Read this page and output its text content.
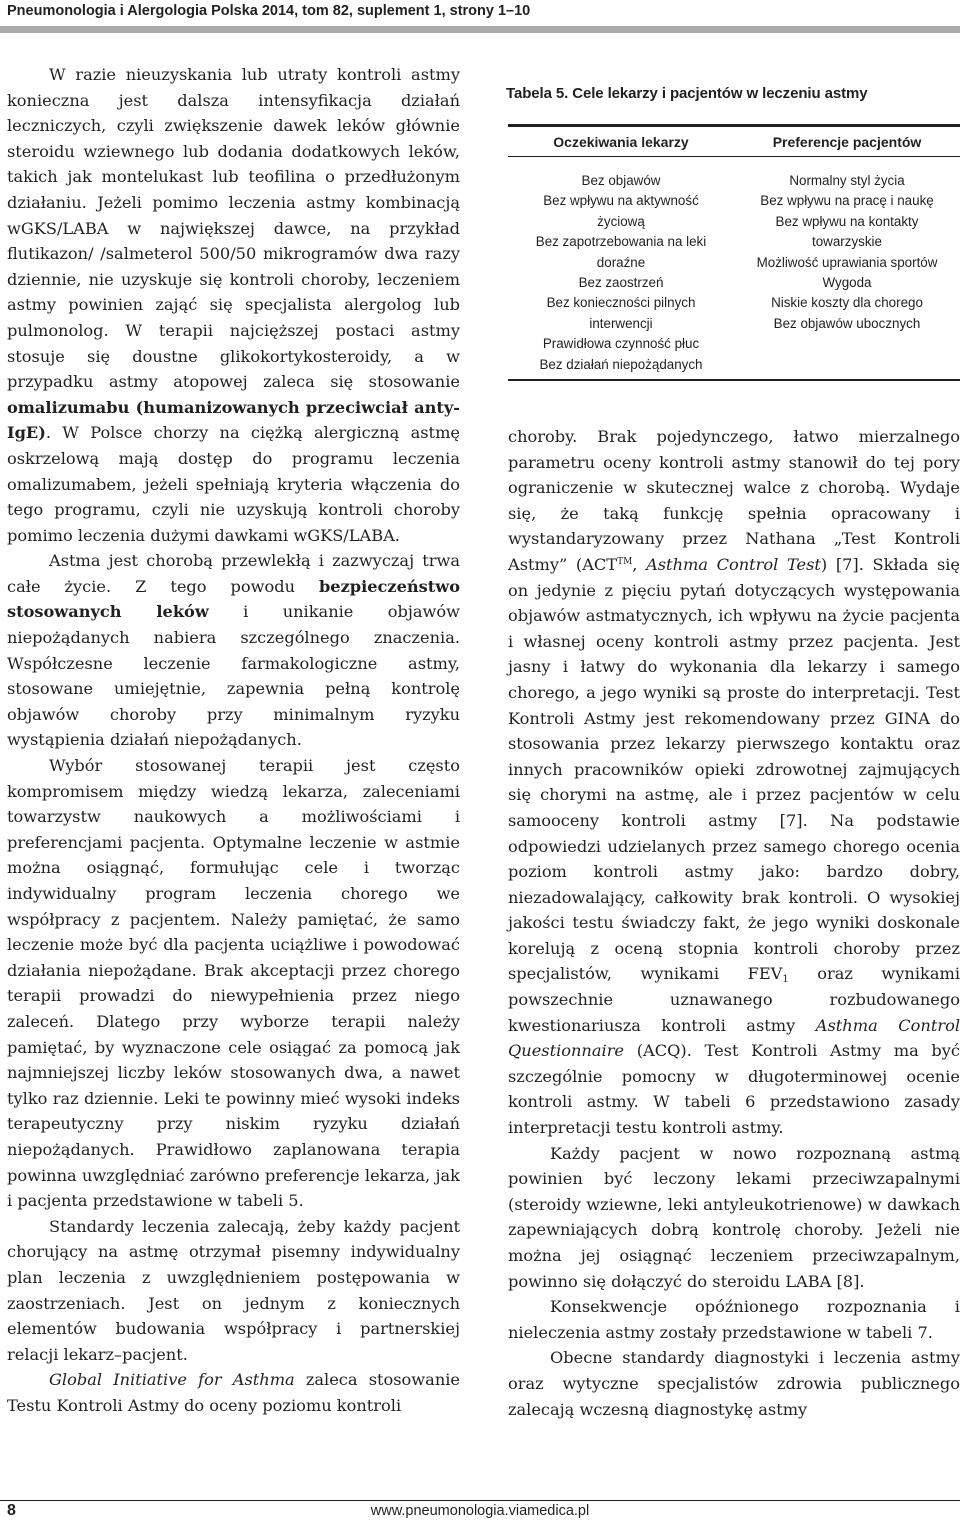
Pneumonologia i Alergologia Polska 2014, tom 82, suplement 1, strony 1–10

W razie nieuzyskania lub utraty kontroli astmy konieczna jest dalsza intensyfikacja działań leczniczych, czyli zwiększenie dawek leków głównie steroidu wziewnego lub dodania dodatkowych leków, takich jak montelukast lub teofilina o przedłużonym działaniu. Jeżeli pomimo leczenia astmy kombinacją wGKS/LABA w największej dawce, na przykład flutikazon/ /salmeterol 500/50 mikrogramów dwa razy dziennie, nie uzyskuje się kontroli choroby, leczeniem astmy powinien zająć się specjalista alergolog lub pulmonolog. W terapii najcięższej postaci astmy stosuje się doustne glikokortykosteroidy, a w przypadku astmy atopowej zaleca się stosowanie omalizumabu (humanizowanych przeciwciał anty-IgE). W Polsce chorzy na ciężką alergiczną astmę oskrzelową mają dostęp do programu leczenia omalizumabem, jeżeli spełniają kryteria włączenia do tego programu, czyli nie uzyskują kontroli choroby pomimo leczenia dużymi dawkami wGKS/LABA.

Astma jest chorobą przewlekłą i zazwyczaj trwa całe życie. Z tego powodu bezpieczeństwo stosowanych leków i unikanie objawów niepożądanych nabiera szczególnego znaczenia. Współczesne leczenie farmakologiczne astmy, stosowane umiejętnie, zapewnia pełną kontrolę objawów choroby przy minimalnym ryzyku wystąpienia działań niepożądanych.

Wybór stosowanej terapii jest często kompromisem między wiedzą lekarza, zaleceniami towarzystw naukowych a możliwościami i preferencjami pacjenta. Optymalne leczenie w astmie można osiągnąć, formułując cele i tworząc indywidualny program leczenia chorego we współpracy z pacjentem. Należy pamiętać, że samo leczenie może być dla pacjenta uciążliwe i powodować działania niepożądane. Brak akceptacji przez chorego terapii prowadzi do niewypełnienia przez niego zaleceń. Dlatego przy wyborze terapii należy pamiętać, by wyznaczone cele osiągać za pomocą jak najmniejszej liczby leków stosowanych dwa, a nawet tylko raz dziennie. Leki te powinny mieć wysoki indeks terapeutyczny przy niskim ryzyku działań niepożądanych. Prawidłowo zaplanowana terapia powinna uwzględniać zarówno preferencje lekarza, jak i pacjenta przedstawione w tabeli 5.

Standardy leczenia zalecają, żeby każdy pacjent chorujący na astmę otrzymał pisemny indywidualny plan leczenia z uwzględnieniem postępowania w zaostrzeniach. Jest on jednym z koniecznych elementów budowania współpracy i partnerskiej relacji lekarz–pacjent.

Global Initiative for Asthma zaleca stosowanie Testu Kontroli Astmy do oceny poziomu kontroli

Tabela 5. Cele lekarzy i pacjentów w leczeniu astmy
Oczekiwania lekarzy	Preferencje pacjentów
Bez objawów
Bez wpływu na aktywność
życiową
Bez zapotrzebowania na leki
doraźne
Bez zaostrzeń
Bez konieczności pilnych
interwencji
Prawidłowa czynność płuc
Bez działań niepożądanych
Normalny styl życia
Bez wpływu na pracę i naukę
Bez wpływu na kontakty
towarzyskie
Możliwość uprawiania sportów
Wygoda
Niskie koszty dla chorego
Bez objawów ubocznych

choroby. Brak pojedynczego, łatwo mierzalnego parametru oceny kontroli astmy stanowił do tej pory ograniczenie w skutecznej walce z chorobą. Wydaje się, że taką funkcję spełnia opracowany i wystandaryzowany przez Nathana „Test Kontroli Astmy” (ACT™, Asthma Control Test) [7]. Składa się on jedynie z pięciu pytań dotyczących występowania objawów astmatycznych, ich wpływu na życie pacjenta i własnej oceny kontroli astmy przez pacjenta. Jest jasny i łatwy do wykonania dla lekarzy i samego chorego, a jego wyniki są proste do interpretacji. Test Kontroli Astmy jest rekomendowany przez GINA do stosowania przez lekarzy pierwszego kontaktu oraz innych pracowników opieki zdrowotnej zajmujących się chorymi na astmę, ale i przez pacjentów w celu samooceny kontroli astmy [7]. Na podstawie odpowiedzi udzielanych przez samego chorego ocenia poziom kontroli astmy jako: bardzo dobry, niezadowalający, całkowity brak kontroli. O wysokiej jakości testu świadczy fakt, że jego wyniki doskonale korelują z oceną stopnia kontroli choroby przez specjalistów, wynikami $FEV_1$ oraz wynikami powszechnie uznawanego rozbudowanego kwestionariusza kontroli astmy Asthma Control Questionnaire (ACQ). Test Kontroli Astmy ma być szczególnie pomocny w długoterminowej ocenie kontroli astmy. W tabeli 6 przedstawiono zasady interpretacji testu kontroli astmy.

Każdy pacjent w nowo rozpoznaną astmą powinien być leczony lekami przeciwzapalnymi (steroidy wziewne, leki antyleukotrienowe) w dawkach zapewniających dobrą kontrolę choroby. Jeżeli nie można jej osiągnąć leczeniem przeciwzapalnym, powinno się dołączyć do steroidu LABA [8].

Konsekwencje opóźnionego rozpoznania i nieleczenia astmy zostały przedstawione w tabeli 7.

Obecne standardy diagnostyki i leczenia astmy oraz wytyczne specjalistów zdrowia publicznego zalecają wczesną diagnostykę astmy

8	www.pneumonologia.viamedica.pl
